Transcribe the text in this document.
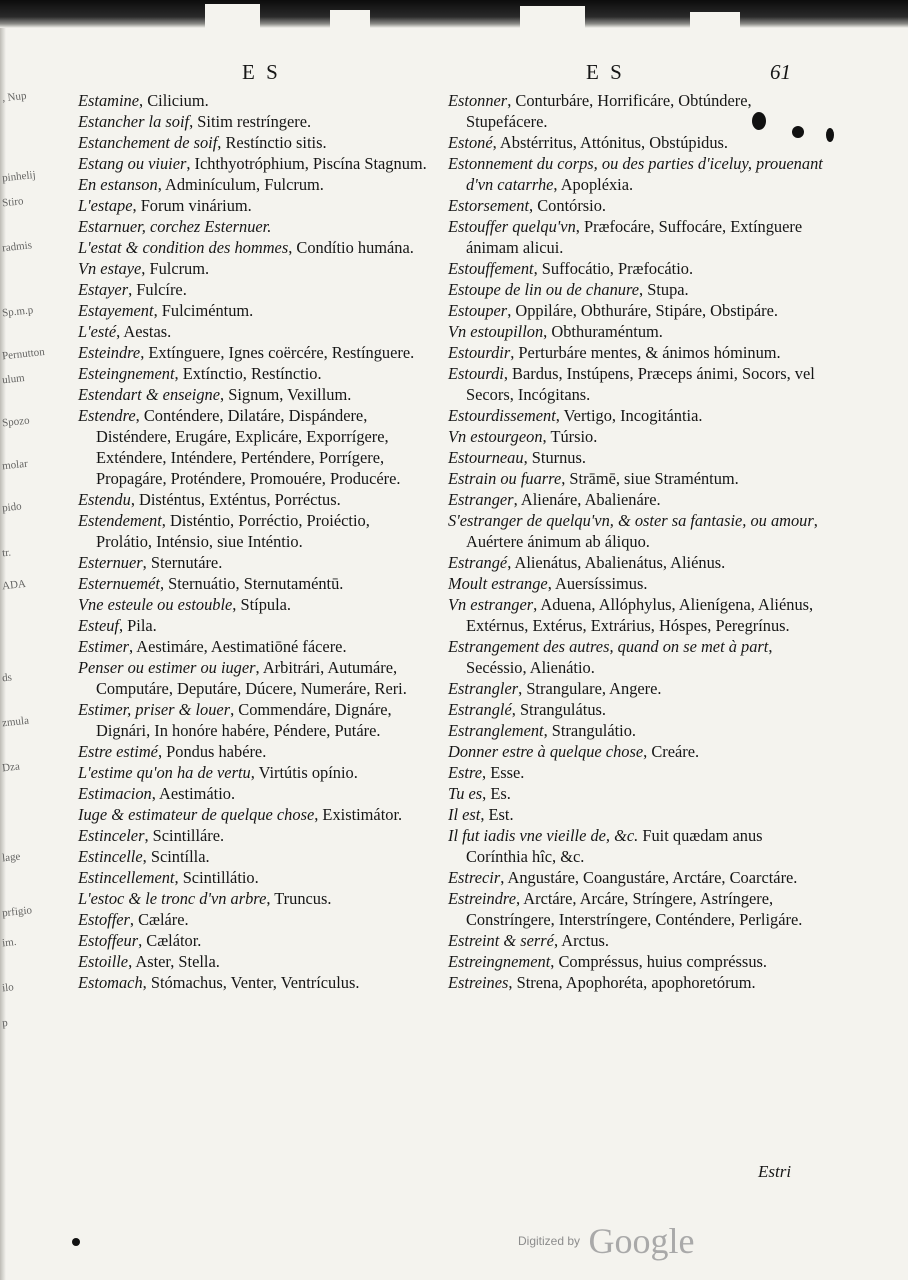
E S	E S	61
, Nup
pinhelij
Stiro
radmis
Sp.m.p
Pernutton
ulum
Spozo
molar
pido
tr.
ADA
ds
zmula
Dza
lage
prfigio
im.
ilo
p

Estamine, Cilicium.

Estancher la soif, Sitim restríngere.

Estanchement de soif, Restínctio sitis.

Estang ou viuier, Ichthyotróphium, Piscína Stagnum.

En estanson, Adminículum, Fulcrum.

L'estape, Forum vinárium.

Estarnuer, corchez Esternuer.

L'estat & condition des hommes, Condítio humána.

Vn estaye, Fulcrum.

Estayer, Fulcíre.

Estayement, Fulciméntum.

L'esté, Aestas.

Esteindre, Extínguere, Ignes coërcére, Restínguere.

Esteingnement, Extínctio, Restínctio.

Estendart & enseigne, Signum, Vexillum.

Estendre, Conténdere, Dilatáre, Dispándere, Disténdere, Erugáre, Explicáre, Exporrígere, Exténdere, Inténdere, Perténdere, Porrígere, Propagáre, Proténdere, Promouére, Producére.

Estendu, Disténtus, Exténtus, Porréctus.

Estendement, Disténtio, Porréctio, Proiéctio, Prolátio, Inténsio, siue Inténtio.

Esternuer, Sternutáre.

Esternuemét, Sternuátio, Sternutaméntū.

Vne esteule ou estouble, Stípula.

Esteuf, Pila.

Estimer, Aestimáre, Aestimatiōné fácere.

Penser ou estimer ou iuger, Arbitrári, Autumáre, Computáre, Deputáre, Dúcere, Numeráre, Reri.

Estimer, priser & louer, Commendáre, Dignáre, Dignári, In honóre habére, Péndere, Putáre.

Estre estimé, Pondus habére.

L'estime qu'on ha de vertu, Virtútis opínio.

Estimacion, Aestimátio.

Iuge & estimateur de quelque chose, Existimátor.

Estinceler, Scintilláre.

Estincelle, Scintílla.

Estincellement, Scintillátio.

L'estoc & le tronc d'vn arbre, Truncus.

Estoffer, Cæláre.

Estoffeur, Cælátor.

Estoille, Aster, Stella.

Estomach, Stómachus, Venter, Ventrículus.

Estonner, Conturbáre, Horrificáre, Obtúndere, Stupefácere.

Estoné, Abstérritus, Attónitus, Obstúpidus.

Estonnement du corps, ou des parties d'iceluy, prouenant d'vn catarrhe, Apopléxia.

Estorsement, Contórsio.

Estouffer quelqu'vn, Præfocáre, Suffocáre, Extínguere ánimam alicui.

Estouffement, Suffocátio, Præfocátio.

Estoupe de lin ou de chanure, Stupa.

Estouper, Oppiláre, Obthuráre, Stipáre, Obstipáre.

Vn estoupillon, Obthuraméntum.

Estourdir, Perturbáre mentes, & ánimos hóminum.

Estourdi, Bardus, Instúpens, Præceps ánimi, Socors, vel Secors, Incógitans.

Estourdissement, Vertigo, Incogitántia.

Vn estourgeon, Túrsio.

Estourneau, Sturnus.

Estrain ou fuarre, Strāmē, siue Straméntum.

Estranger, Alienáre, Abalienáre.

S'estranger de quelqu'vn, & oster sa fantasie, ou amour, Auértere ánimum ab áliquo.

Estrangé, Alienátus, Abalienátus, Aliénus.

Moult estrange, Auersíssimus.

Vn estranger, Aduena, Allóphylus, Alienígena, Aliénus, Extérnus, Extérus, Extrárius, Hóspes, Peregrínus.

Estrangement des autres, quand on se met à part, Secéssio, Alienátio.

Estrangler, Strangulare, Angere.

Estranglé, Strangulátus.

Estranglement, Strangulátio.

Donner estre à quelque chose, Creáre.

Estre, Esse.

Tu es, Es.

Il est, Est.

Il fut iadis vne vieille de, &c. Fuit quædam anus Corínthia hîc, &c.

Estrecir, Angustáre, Coangustáre, Arctáre, Coarctáre.

Estreindre, Arctáre, Arcáre, Stríngere, Astríngere, Constríngere, Interstríngere, Conténdere, Perligáre.

Estreint & serré, Arctus.

Estreingnement, Compréssus, huius compréssus.

Estreines, Strena, Apophoréta, apophoretórum.

Estri
Digitized by Google
